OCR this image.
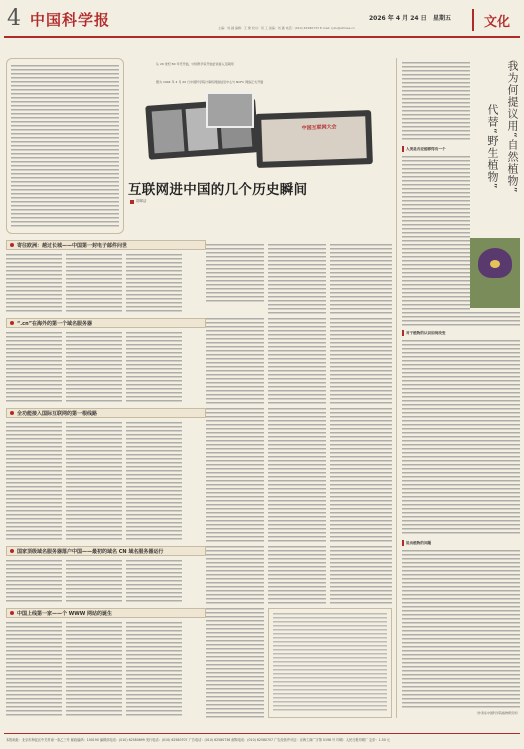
4 中国科学报	2026 年 4 月 24 日 星期五
主编：刘 越 编辑：王 健 校对：何 工 美编：刘 潘 电话：(010) 62580733 E-mail: lyliu@stimes.cn	文化
从 20 世纪 80 年代开始，中国科学家开始尝试接入互联网
图为 1994 年 4 月 20 日中国科学院计算机网络信息中心与 NCFC 网络正式开通
中国互联网大会
互联网进中国的几个历史瞬间
胡翠洁
寄往欧洲：越过长城——中国第一封电子邮件问世
“.cn”在海外的第一个域名服务器
全功能接入国际互联网的第一根线路
国家顶级域名服务器落户中国——最初的域名 CN 域名服务器运行
中国上线第一家——个 WWW 网站的诞生
我为何提议用“自然植物”
代替“野生植物”
人类是否应能够得有一个
对于植物的认识如何改变
说出植物的问题
（作者系中国科学院植物研究所）
本报地址：北京市海淀区中关村南一条乙三号 邮政编码：100190 编辑部电话：(010) 62580699 发行电话：(010) 62580707 广告电话：(010) 62580736 邮购电话：(010) 62580707 广告经营许可证：京海工商广字第 0198 号 印刷：人民日报印刷厂 定价：1.50 元
